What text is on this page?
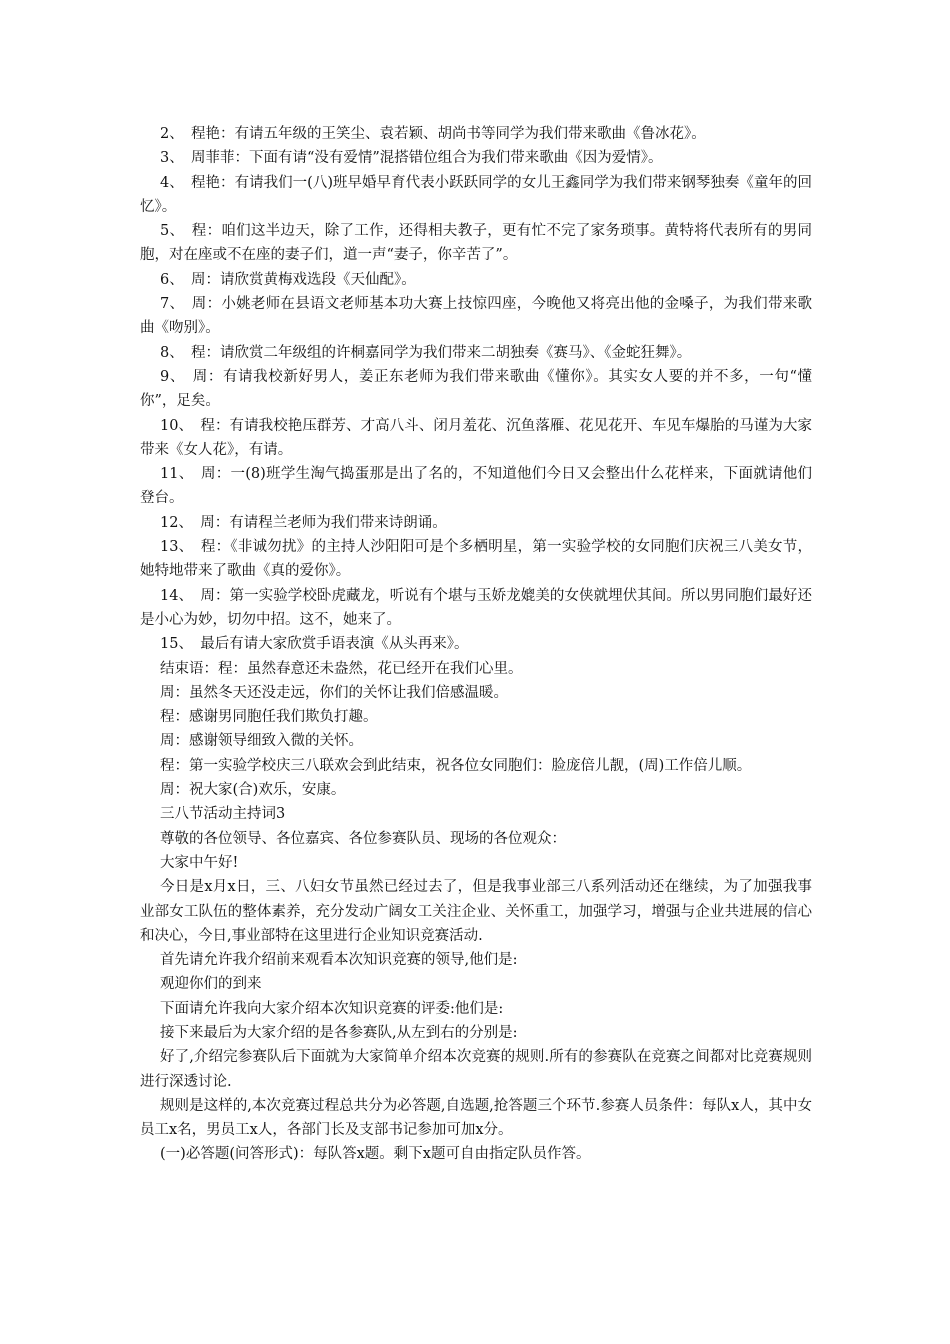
2、　程艳：有请五年级的王笑尘、袁若颖、胡尚书等同学为我们带来歌曲《鲁冰花》。

3、　周菲菲：下面有请“没有爱情”混搭错位组合为我们带来歌曲《因为爱情》。

4、　程艳：有请我们一(八)班早婚早育代表小跃跃同学的女儿王鑫同学为我们带来钢琴独奏《童年的回忆》。

5、　程：咱们这半边天，除了工作，还得相夫教子，更有忙不完了家务琐事。黄特将代表所有的男同胞，对在座或不在座的妻子们，道一声“妻子，你辛苦了”。

6、　周：请欣赏黄梅戏选段《天仙配》。

7、　周：小姚老师在县语文老师基本功大赛上技惊四座，今晚他又将亮出他的金嗓子，为我们带来歌曲《吻别》。

8、　程：请欣赏二年级组的许桐嘉同学为我们带来二胡独奏《赛马》、《金蛇狂舞》。

9、　周：有请我校新好男人，姜正东老师为我们带来歌曲《懂你》。其实女人要的并不多，一句“懂你”，足矣。

10、　程：有请我校艳压群芳、才高八斗、闭月羞花、沉鱼落雁、花见花开、车见车爆胎的马谨为大家带来《女人花》，有请。

11、　周：一(8)班学生淘气捣蛋那是出了名的，不知道他们今日又会整出什么花样来，下面就请他们登台。

12、　周：有请程兰老师为我们带来诗朗诵。

13、　程：《非诚勿扰》的主持人沙阳阳可是个多栖明星，第一实验学校的女同胞们庆祝三八美女节，她特地带来了歌曲《真的爱你》。

14、　周：第一实验学校卧虎藏龙，听说有个堪与玉娇龙媲美的女侠就埋伏其间。所以男同胞们最好还是小心为妙，切勿中招。这不，她来了。

15、　最后有请大家欣赏手语表演《从头再来》。

结束语：程：虽然春意还未盎然，花已经开在我们心里。

周：虽然冬天还没走远，你们的关怀让我们倍感温暖。

程：感谢男同胞任我们欺负打趣。

周：感谢领导细致入微的关怀。

程：第一实验学校庆三八联欢会到此结束，祝各位女同胞们：脸庞倍儿靓，(周)工作倍儿顺。

周：祝大家(合)欢乐，安康。

三八节活动主持词3

尊敬的各位领导、各位嘉宾、各位参赛队员、现场的各位观众：

大家中午好!

今日是x月x日，三、八妇女节虽然已经过去了，但是我事业部三八系列活动还在继续，为了加强我事业部女工队伍的整体素养，充分发动广阔女工关注企业、关怀重工，加强学习，增强与企业共进展的信心和决心，今日,事业部特在这里进行企业知识竞赛活动.

首先请允许我介绍前来观看本次知识竞赛的领导,他们是:

观迎你们的到来

下面请允许我向大家介绍本次知识竞赛的评委:他们是:

接下来最后为大家介绍的是各参赛队,从左到右的分别是:

好了,介绍完参赛队后下面就为大家简单介绍本次竞赛的规则.所有的参赛队在竞赛之间都对比竞赛规则进行深透讨论.

规则是这样的,本次竞赛过程总共分为必答题,自选题,抢答题三个环节.参赛人员条件：每队x人，其中女员工x名，男员工x人，各部门长及支部书记参加可加x分。

(一)必答题(问答形式)：每队答x题。剩下x题可自由指定队员作答。
